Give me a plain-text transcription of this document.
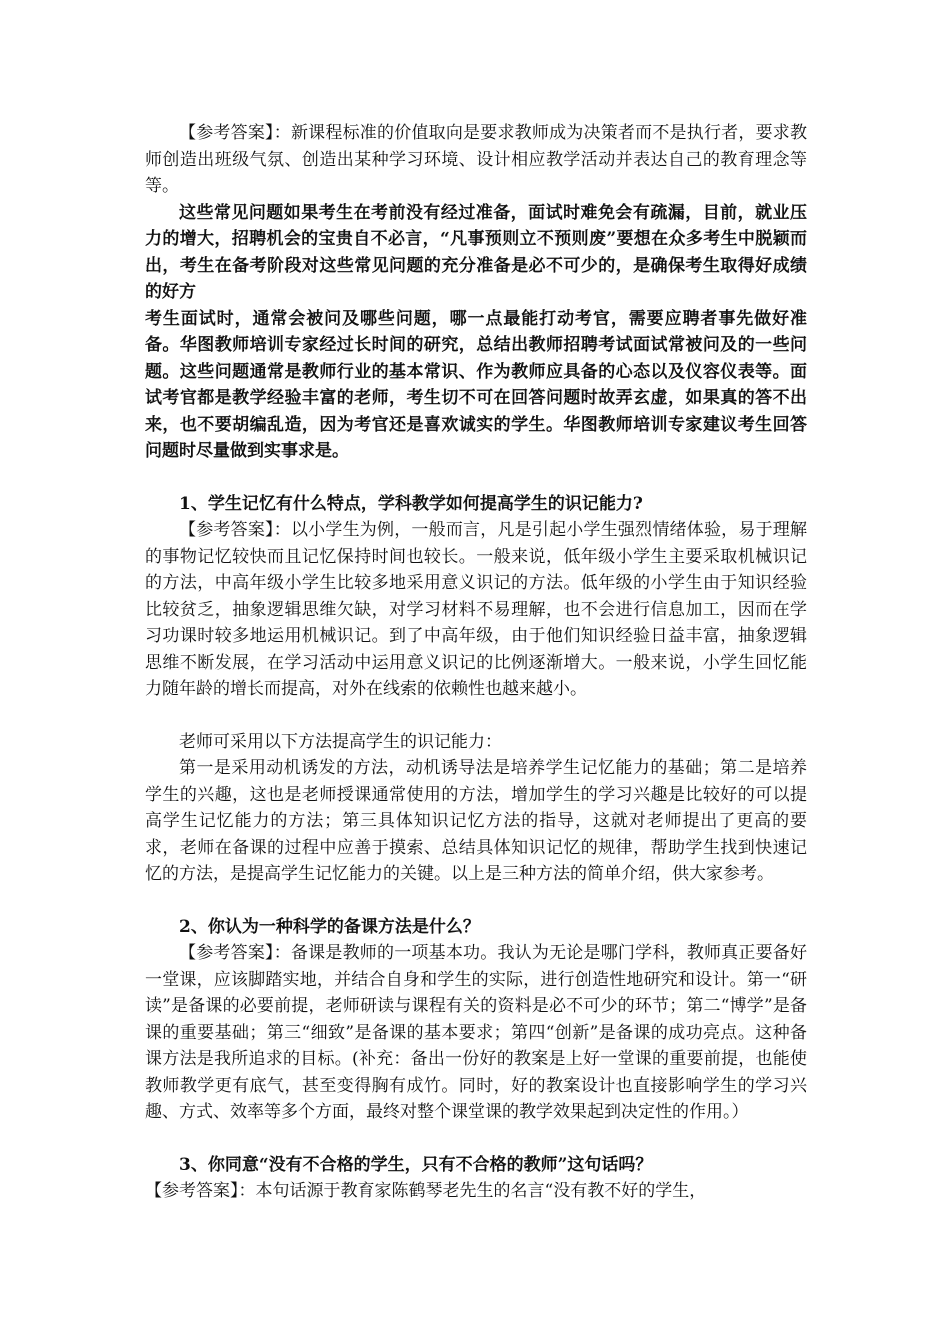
【参考答案】：新课程标准的价值取向是要求教师成为决策者而不是执行者，要求教师创造出班级气氛、创造出某种学习环境、设计相应教学活动并表达自己的教育理念等等。

这些常见问题如果考生在考前没有经过准备，面试时难免会有疏漏，目前，就业压力的增大，招聘机会的宝贵自不必言，“凡事预则立不预则废”要想在众多考生中脱颖而出，考生在备考阶段对这些常见问题的充分准备是必不可少的，是确保考生取得好成绩的好方

考生面试时，通常会被问及哪些问题，哪一点最能打动考官，需要应聘者事先做好准备。华图教师培训专家经过长时间的研究，总结出教师招聘考试面试常被问及的一些问题。这些问题通常是教师行业的基本常识、作为教师应具备的心态以及仪容仪表等。面试考官都是教学经验丰富的老师，考生切不可在回答问题时故弄玄虚，如果真的答不出来，也不要胡编乱造，因为考官还是喜欢诚实的学生。华图教师培训专家建议考生回答问题时尽量做到实事求是。

1、学生记忆有什么特点，学科教学如何提高学生的识记能力?

【参考答案】：以小学生为例，一般而言，凡是引起小学生强烈情绪体验，易于理解的事物记忆较快而且记忆保持时间也较长。一般来说，低年级小学生主要采取机械识记的方法，中高年级小学生比较多地采用意义识记的方法。低年级的小学生由于知识经验比较贫乏，抽象逻辑思维欠缺，对学习材料不易理解，也不会进行信息加工，因而在学习功课时较多地运用机械识记。到了中高年级，由于他们知识经验日益丰富，抽象逻辑思维不断发展，在学习活动中运用意义识记的比例逐渐增大。一般来说，小学生回忆能力随年龄的增长而提高，对外在线索的依赖性也越来越小。

老师可采用以下方法提高学生的识记能力：

第一是采用动机诱发的方法，动机诱导法是培养学生记忆能力的基础；第二是培养学生的兴趣，这也是老师授课通常使用的方法，增加学生的学习兴趣是比较好的可以提高学生记忆能力的方法；第三具体知识记忆方法的指导，这就对老师提出了更高的要求，老师在备课的过程中应善于摸索、总结具体知识记忆的规律，帮助学生找到快速记忆的方法，是提高学生记忆能力的关键。以上是三种方法的简单介绍，供大家参考。

2、你认为一种科学的备课方法是什么？

【参考答案】：备课是教师的一项基本功。我认为无论是哪门学科，教师真正要备好一堂课，应该脚踏实地，并结合自身和学生的实际，进行创造性地研究和设计。第一“研读”是备课的必要前提，老师研读与课程有关的资料是必不可少的环节；第二“博学”是备课的重要基础；第三“细致”是备课的基本要求；第四“创新”是备课的成功亮点。这种备课方法是我所追求的目标。(补充：备出一份好的教案是上好一堂课的重要前提，也能使教师教学更有底气，甚至变得胸有成竹。同时，好的教案设计也直接影响学生的学习兴趣、方式、效率等多个方面，最终对整个课堂课的教学效果起到决定性的作用。）

3、你同意“没有不合格的学生，只有不合格的教师”这句话吗？

【参考答案】：本句话源于教育家陈鹤琴老先生的名言“没有教不好的学生，
